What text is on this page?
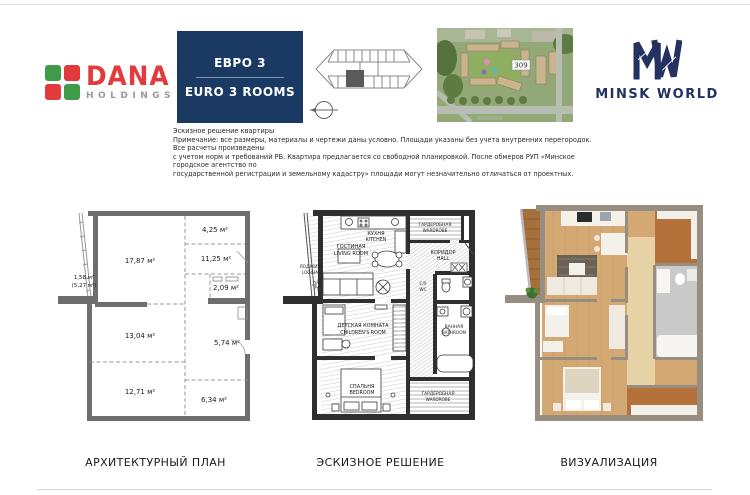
DANA
HOLDINGS
ЕВРО 3
EURO 3 ROOMS
309
MINSK WORLD
Эскизное решение квартиры
Примечание: все размеры, материалы и чертежи даны условно. Площади указаны без учета внутренних перегородок. Все расчеты произведены
с учетом норм и требований РБ. Квартира предлагается со свободной планировкой. После обмеров РУП «Минское городское агентство по
государственной регистрации и земельному кадастру» площади могут незначительно отличаться от проектных.
17,87 м²
4,25 м²
11,25 м²
2,09 м²
13,04 м²
5,74 м²
12,71 м²
6,34 м²
1,58 м²
(5,27 м²)
ЛОДЖИЯ
LOGGIA
ГОСТИНАЯ
LIVING ROOM
КУХНЯ
KITCHEN
ГАРДЕРОБНАЯ
WARDROBE
КОРИДОР
HALL
С/У
WC
ДЕТСКАЯ КОМНАТА
CHILDREN'S ROOM
ВАННАЯ
BATHROOM
СПАЛЬНЯ
BEDROOM	ГАРДЕРОБНАЯ
WARDROBE
АРХИТЕКТУРНЫЙ ПЛАН	ЭСКИЗНОЕ РЕШЕНИЕ	ВИЗУАЛИЗАЦИЯ
